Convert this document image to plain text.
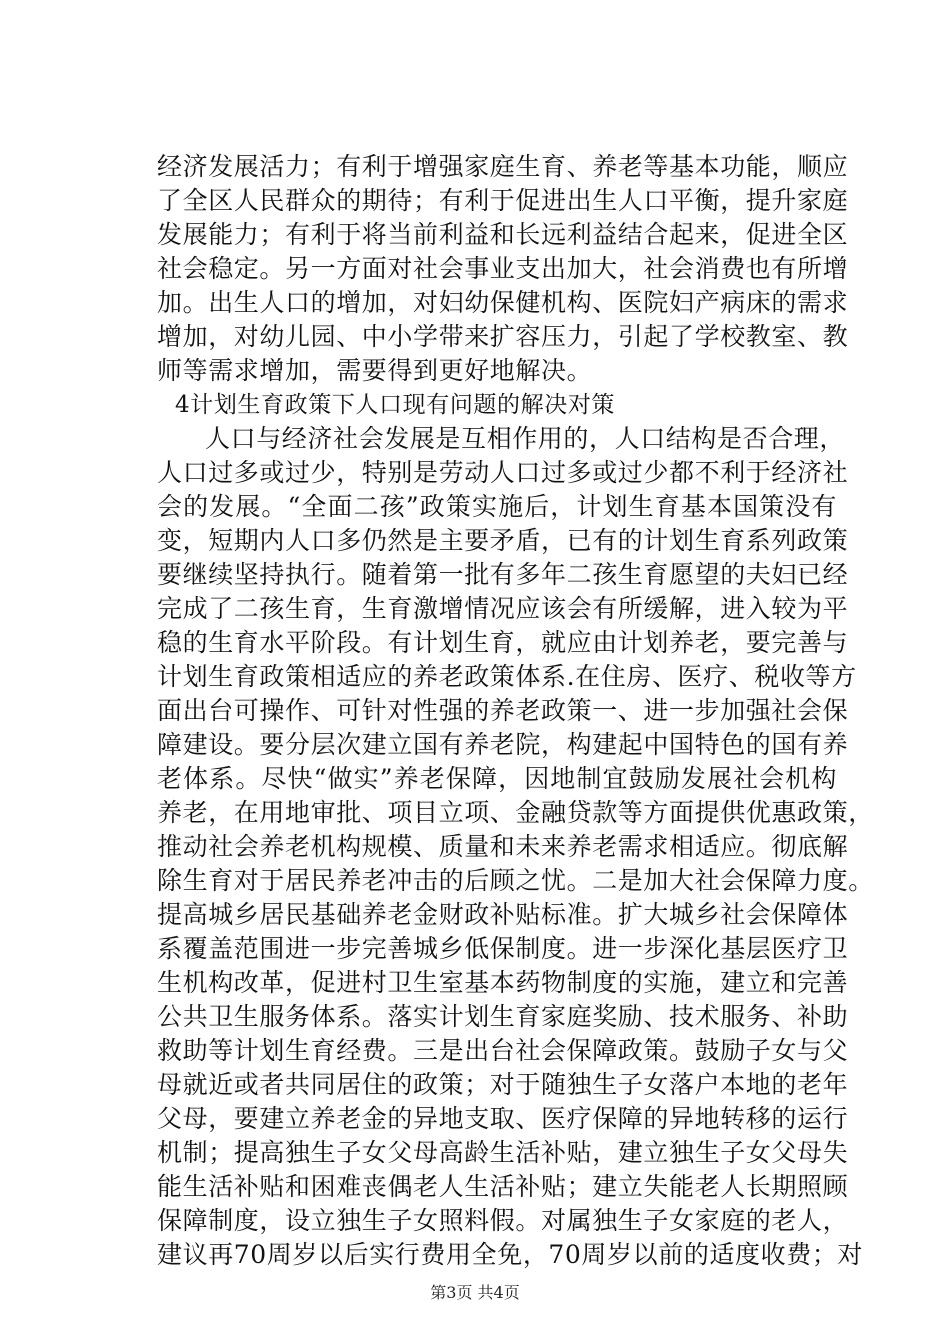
经济发展活力；有利于增强家庭生育、养老等基本功能，顺应
了全区人民群众的期待；有利于促进出生人口平衡，提升家庭
发展能力；有利于将当前利益和长远利益结合起来，促进全区
社会稳定。另一方面对社会事业支出加大，社会消费也有所增
加。出生人口的增加，对妇幼保健机构、医院妇产病床的需求
增加，对幼儿园、中小学带来扩容压力，引起了学校教室、教
师等需求增加，需要得到更好地解决。
4计划生育政策下人口现有问题的解决对策
人口与经济社会发展是互相作用的，人口结构是否合理，
人口过多或过少，特别是劳动人口过多或过少都不利于经济社
会的发展。“全面二孩”政策实施后，计划生育基本国策没有
变，短期内人口多仍然是主要矛盾，已有的计划生育系列政策
要继续坚持执行。随着第一批有多年二孩生育愿望的夫妇已经
完成了二孩生育，生育激增情况应该会有所缓解，进入较为平
稳的生育水平阶段。有计划生育，就应由计划养老，要完善与
计划生育政策相适应的养老政策体系.在住房、医疗、税收等方
面出台可操作、可针对性强的养老政策一、进一步加强社会保
障建设。要分层次建立国有养老院，构建起中国特色的国有养
老体系。尽快“做实”养老保障，因地制宜鼓励发展社会机构
养老，在用地审批、项目立项、金融贷款等方面提供优惠政策，
推动社会养老机构规模、质量和未来养老需求相适应。彻底解
除生育对于居民养老冲击的后顾之忧。二是加大社会保障力度。
提高城乡居民基础养老金财政补贴标准。扩大城乡社会保障体
系覆盖范围进一步完善城乡低保制度。进一步深化基层医疗卫
生机构改革，促进村卫生室基本药物制度的实施，建立和完善
公共卫生服务体系。落实计划生育家庭奖励、技术服务、补助
救助等计划生育经费。三是出台社会保障政策。鼓励子女与父
母就近或者共同居住的政策；对于随独生子女落户本地的老年
父母，要建立养老金的异地支取、医疗保障的异地转移的运行
机制；提高独生子女父母高龄生活补贴，建立独生子女父母失
能生活补贴和困难丧偶老人生活补贴；建立失能老人长期照顾
保障制度，设立独生子女照料假。对属独生子女家庭的老人，
建议再70周岁以后实行费用全免，70周岁以前的适度收费；对
第3页 共4页
